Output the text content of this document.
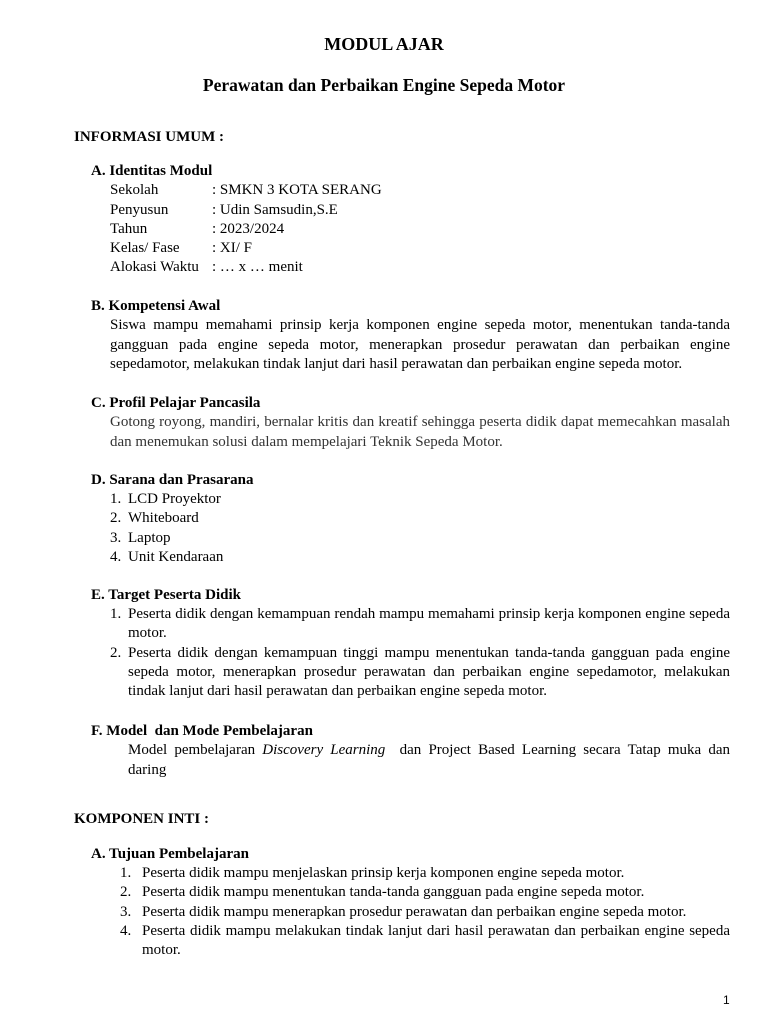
MODUL AJAR
Perawatan dan Perbaikan Engine Sepeda Motor
INFORMASI UMUM :
A. Identitas Modul
Sekolah	: SMKN 3 KOTA SERANG
Penyusun	: Udin Samsudin,S.E
Tahun	: 2023/2024
Kelas/ Fase : XI/ F
Alokasi Waktu : … x … menit
B. Kompetensi Awal
Siswa mampu memahami prinsip kerja komponen engine sepeda motor, menentukan tanda-tanda gangguan pada engine sepeda motor, menerapkan prosedur perawatan dan perbaikan engine sepedamotor, melakukan tindak lanjut dari hasil perawatan dan perbaikan engine sepeda motor.
C. Profil Pelajar Pancasila
Gotong royong, mandiri, bernalar kritis dan kreatif sehingga peserta didik dapat memecahkan masalah dan menemukan solusi dalam mempelajari Teknik Sepeda Motor.
D. Sarana dan Prasarana
1. LCD Proyektor
2. Whiteboard
3. Laptop
4. Unit Kendaraan
E. Target Peserta Didik
1. Peserta didik dengan kemampuan rendah mampu memahami prinsip kerja komponen engine sepeda motor.
2. Peserta didik dengan kemampuan tinggi mampu menentukan tanda-tanda gangguan pada engine sepeda motor, menerapkan prosedur perawatan dan perbaikan engine sepedamotor, melakukan tindak lanjut dari hasil perawatan dan perbaikan engine sepeda motor.
F. Model  dan Mode Pembelajaran
Model pembelajaran Discovery Learning  dan Project Based Learning secara Tatap muka dan daring
KOMPONEN INTI :
A. Tujuan Pembelajaran
1. Peserta didik mampu menjelaskan prinsip kerja komponen engine sepeda motor.
2. Peserta didik mampu menentukan tanda-tanda gangguan pada engine sepeda motor.
3. Peserta didik mampu menerapkan prosedur perawatan dan perbaikan engine sepeda motor.
4. Peserta didik mampu melakukan tindak lanjut dari hasil perawatan dan perbaikan engine sepeda motor.
1
